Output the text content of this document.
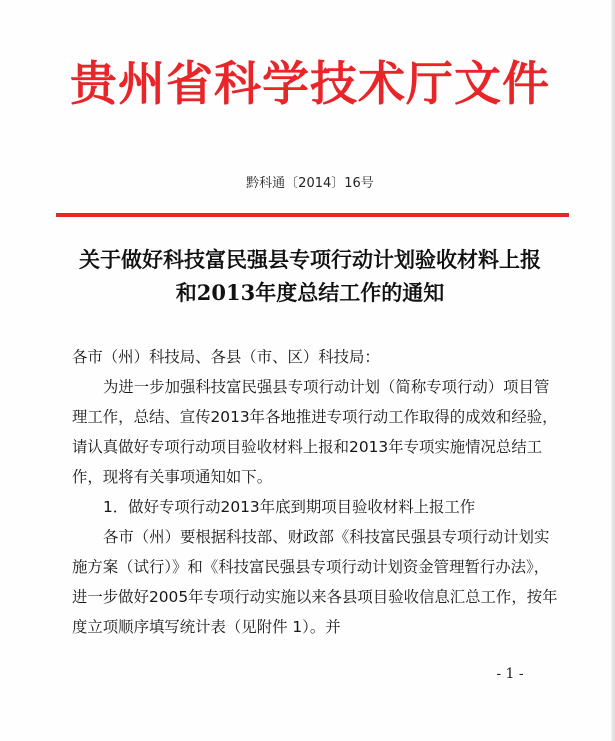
贵州省科学技术厅文件
黔科通〔2014〕16号
关于做好科技富民强县专项行动计划验收材料上报
和2013年度总结工作的通知

各市（州）科技局、各县（市、区）科技局：

为进一步加强科技富民强县专项行动计划（简称专项行动）项目管理工作，总结、宣传2013年各地推进专项行动工作取得的成效和经验，请认真做好专项行动项目验收材料上报和2013年专项实施情况总结工作，现将有关事项通知如下。

1．做好专项行动2013年底到期项目验收材料上报工作

各市（州）要根据科技部、财政部《科技富民强县专项行动计划实施方案（试行）》和《科技富民强县专项行动计划资金管理暂行办法》，进一步做好2005年专项行动实施以来各县项目验收信息汇总工作，按年度立项顺序填写统计表（见附件 1）。并

- 1 -
